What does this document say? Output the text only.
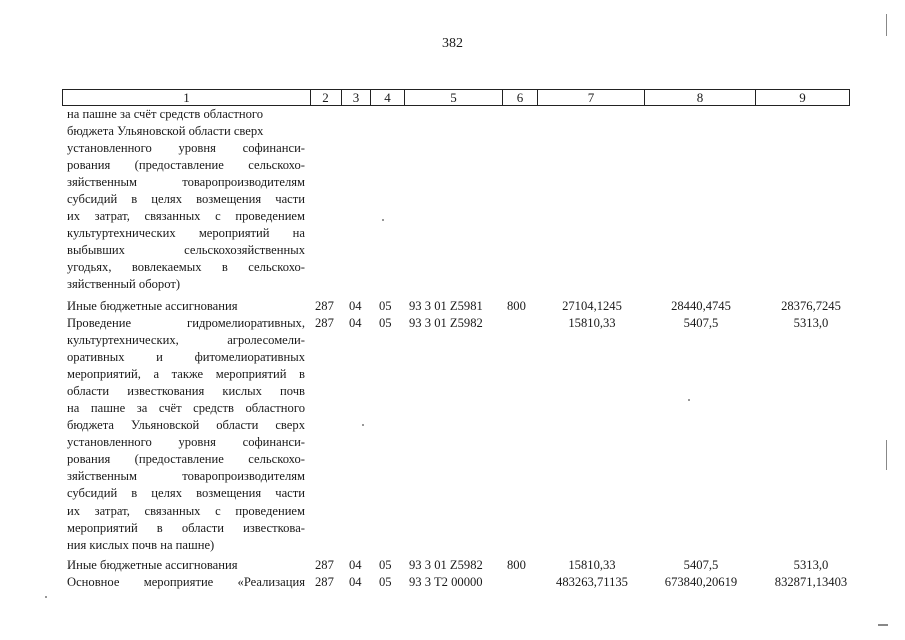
382
1	2	3	4	5	6	7	8	9
на пашне за счёт средств областного
бюджета Ульяновской области сверх
установленного уровня софинанси-
рования (предоставление сельскохо-
зяйственным товаропроизводителям
субсидий в целях возмещения части
их затрат, связанных с проведением
культуртехнических мероприятий на
выбывших сельскохозяйственных
угодьях, вовлекаемых в сельскохо-
зяйственный оборот)
Иные бюджетные ассигнования	287 04 05 93 3 01 Z5981 800	27104,1245	28440,4745	28376,7245
Проведение гидромелиоративных,
культуртехнических, агролесомели-
оративных и фитомелиоративных
мероприятий, а также мероприятий в
области известкования кислых почв
на пашне за счёт средств областного
бюджета Ульяновской области сверх
установленного уровня софинанси-
рования (предоставление сельскохо-
зяйственным товаропроизводителям
субсидий в целях возмещения части
их затрат, связанных с проведением
мероприятий в области известкова-
ния кислых почв на пашне)
287 04 05 93 3 01 Z5982	15810,33	5407,5	5313,0
Иные бюджетные ассигнования	287 04 05 93 3 01 Z5982 800	15810,33	5407,5	5313,0
Основное мероприятие «Реализация 287 04 05 93 3 T2 00000	483263,71135	673840,20619	832871,13403
